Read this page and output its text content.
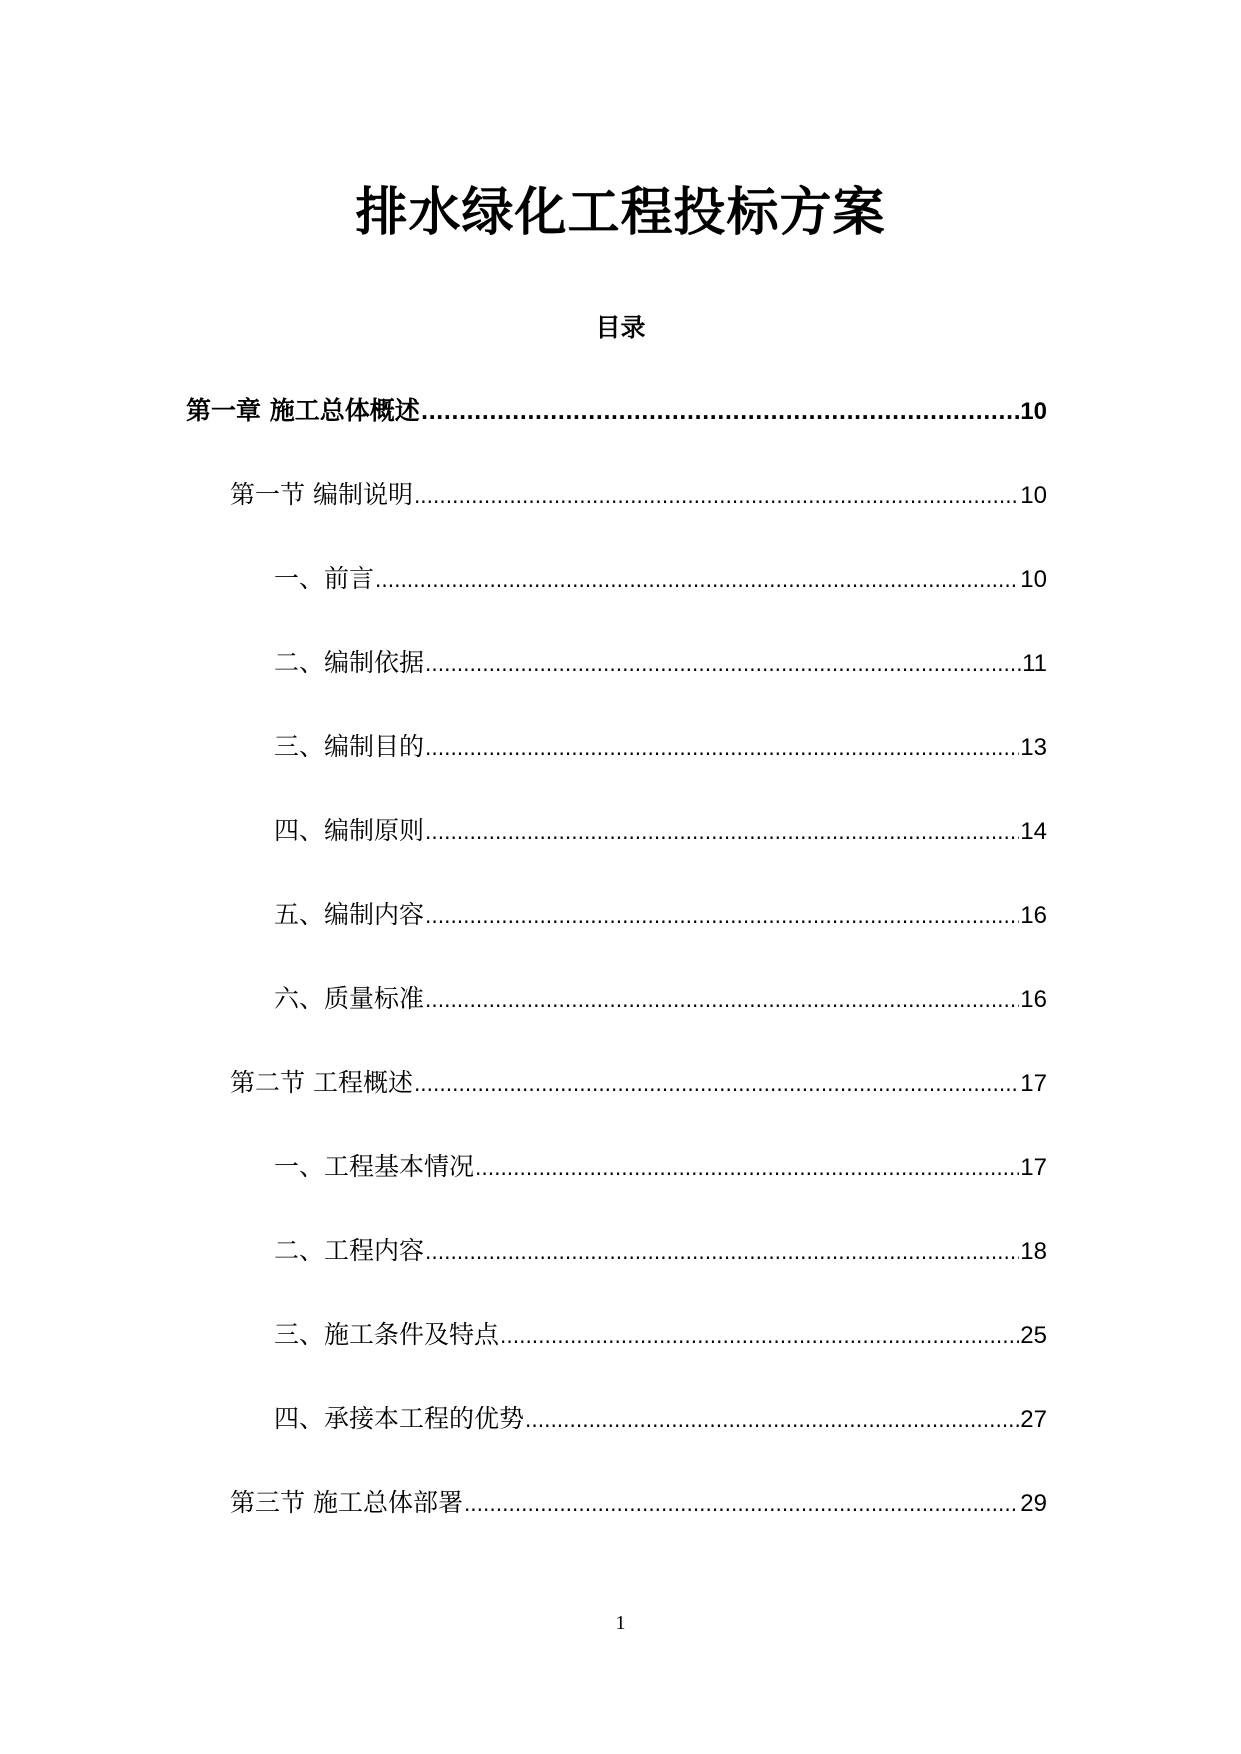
排水绿化工程投标方案
目录
第一章 施工总体概述 .....	10
第一节 编制说明 .....	10
一、前言 .....	10
二、编制依据 .....	11
三、编制目的 .....	13
四、编制原则 .....	14
五、编制内容 .....	16
六、质量标准 .....	16
第二节 工程概述 .....	17
一、工程基本情况 .....	17
二、工程内容 .....	18
三、施工条件及特点 .....	25
四、承接本工程的优势 .....	27
第三节 施工总体部署 .....	29
1
